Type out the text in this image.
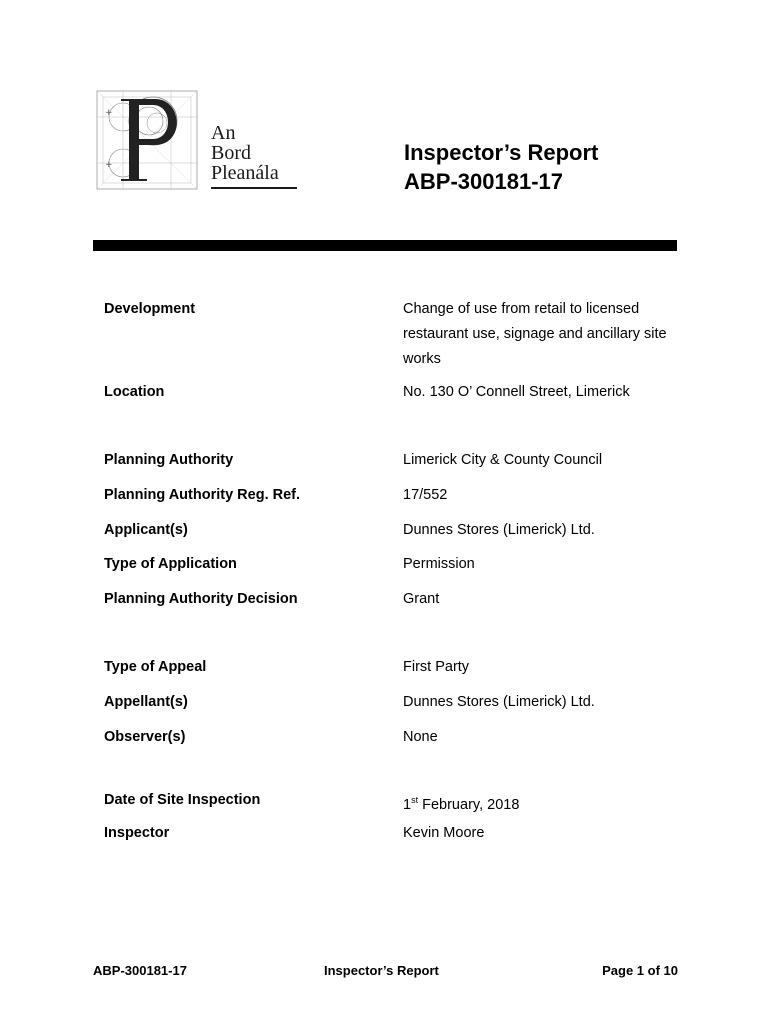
+
+
An
Bord
Pleanála
Inspector’s Report
ABP-300181-17
Development	Change of use from retail to licensed restaurant use, signage and ancillary site works
Location	No. 130 O’ Connell Street, Limerick
Planning Authority	Limerick City & County Council
Planning Authority Reg. Ref.	17/552
Applicant(s)	Dunnes Stores (Limerick) Ltd.
Type of Application	Permission
Planning Authority Decision	Grant
Type of Appeal	First Party
Appellant(s)	Dunnes Stores (Limerick) Ltd.
Observer(s)	None
Date of Site Inspection	1st February, 2018
Inspector	Kevin Moore
ABP-300181-17	Inspector’s Report	Page 1 of 10
